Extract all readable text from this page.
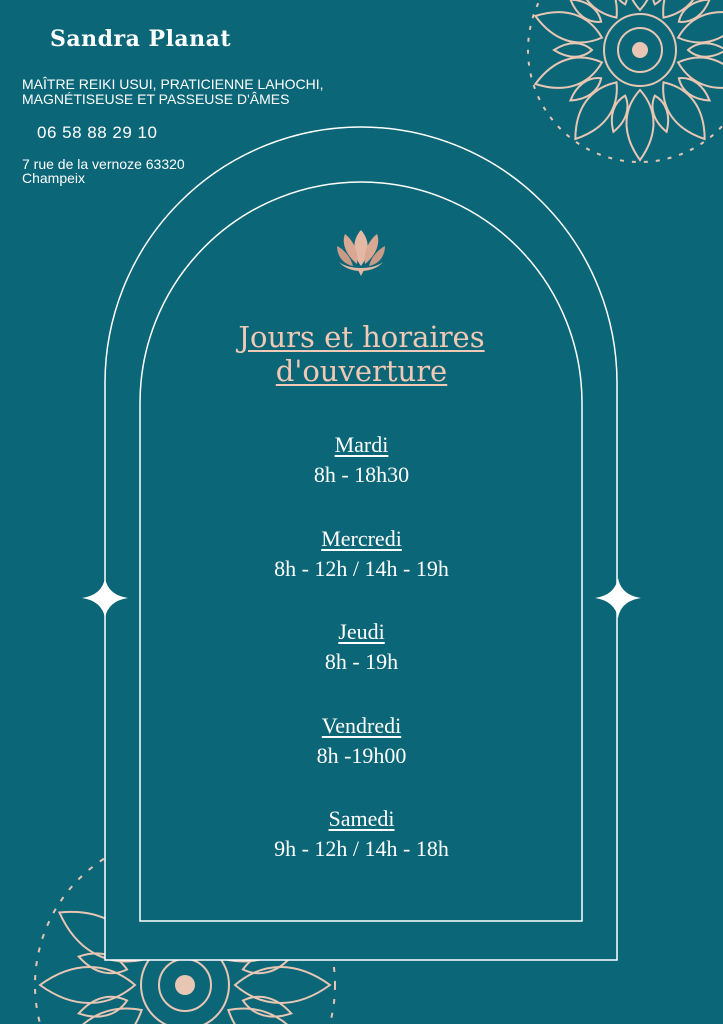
Sandra Planat
MAÎTRE REIKI USUI, PRATICIENNE LAHOCHI, MAGNÉTISEUSE ET PASSEUSE D'ÂMES
06 58 88 29 10
7 rue de la vernoze 63320 Champeix
Jours et horaires d'ouverture
Mardi
8h - 18h30
Mercredi
8h - 12h / 14h - 19h
Jeudi
8h - 19h
Vendredi
8h -19h00
Samedi
9h - 12h / 14h - 18h
